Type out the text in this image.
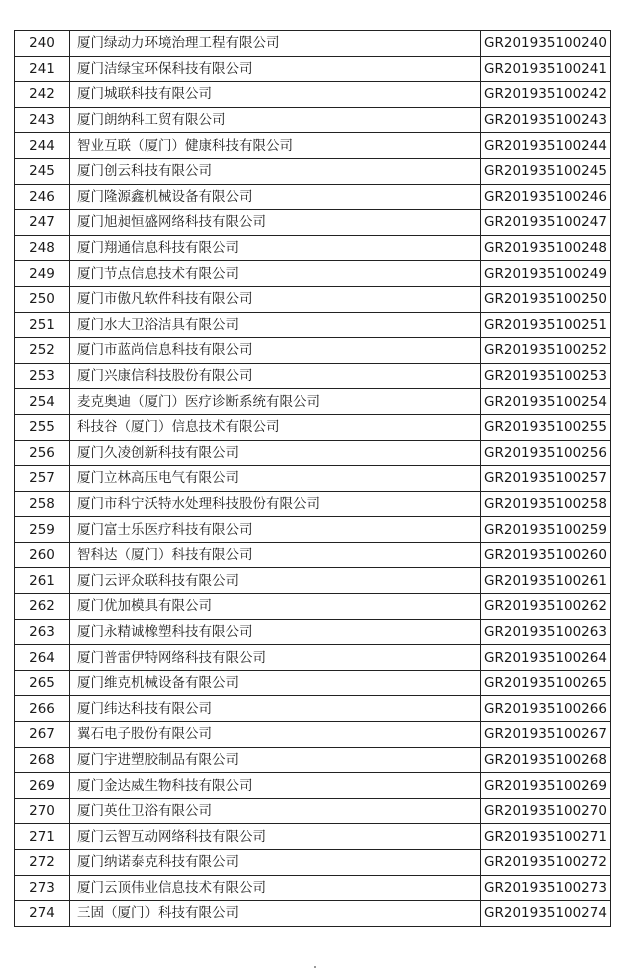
240	厦门绿动力环境治理工程有限公司	GR201935100240
241	厦门洁绿宝环保科技有限公司	GR201935100241
242	厦门城联科技有限公司	GR201935100242
243	厦门朗纳科工贸有限公司	GR201935100243
244	智业互联（厦门）健康科技有限公司	GR201935100244
245	厦门创云科技有限公司	GR201935100245
246	厦门隆源鑫机械设备有限公司	GR201935100246
247	厦门旭昶恒盛网络科技有限公司	GR201935100247
248	厦门翔通信息科技有限公司	GR201935100248
249	厦门节点信息技术有限公司	GR201935100249
250	厦门市傲凡软件科技有限公司	GR201935100250
251	厦门水大卫浴洁具有限公司	GR201935100251
252	厦门市蓝尚信息科技有限公司	GR201935100252
253	厦门兴康信科技股份有限公司	GR201935100253
254	麦克奥迪（厦门）医疗诊断系统有限公司	GR201935100254
255	科技谷（厦门）信息技术有限公司	GR201935100255
256	厦门久凌创新科技有限公司	GR201935100256
257	厦门立林高压电气有限公司	GR201935100257
258	厦门市科宁沃特水处理科技股份有限公司	GR201935100258
259	厦门富士乐医疗科技有限公司	GR201935100259
260	智科达（厦门）科技有限公司	GR201935100260
261	厦门云评众联科技有限公司	GR201935100261
262	厦门优加模具有限公司	GR201935100262
263	厦门永精诚橡塑科技有限公司	GR201935100263
264	厦门普雷伊特网络科技有限公司	GR201935100264
265	厦门维克机械设备有限公司	GR201935100265
266	厦门纬达科技有限公司	GR201935100266
267	翼石电子股份有限公司	GR201935100267
268	厦门宇进塑胶制品有限公司	GR201935100268
269	厦门金达威生物科技有限公司	GR201935100269
270	厦门英仕卫浴有限公司	GR201935100270
271	厦门云智互动网络科技有限公司	GR201935100271
272	厦门纳诺泰克科技有限公司	GR201935100272
273	厦门云顶伟业信息技术有限公司	GR201935100273
274	三固（厦门）科技有限公司	GR201935100274
